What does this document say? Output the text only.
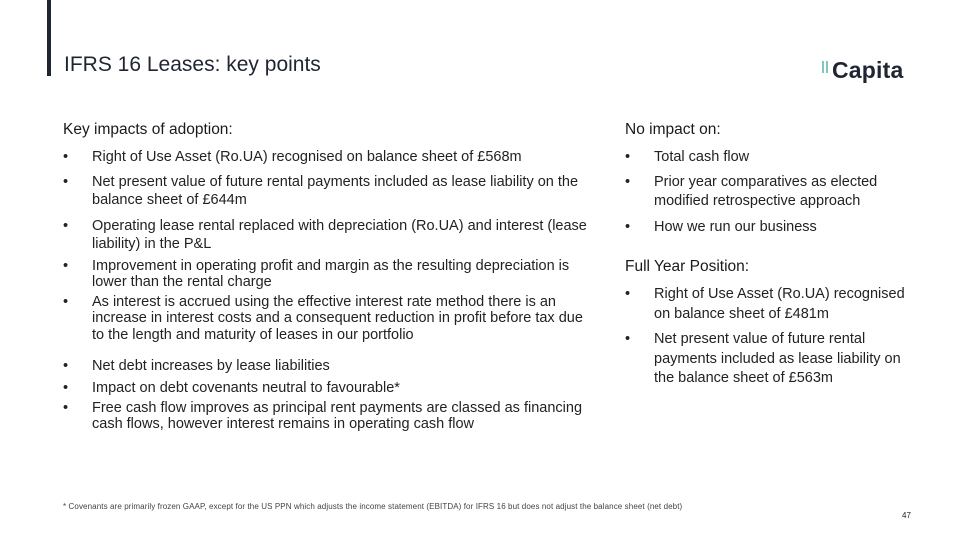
IFRS 16 Leases: key points	Capita
Key impacts of adoption:
•	Right of Use Asset (Ro.UA) recognised on balance sheet of £568m
•	Net present value of future rental payments included as lease liability on the balance sheet of £644m
•	Operating lease rental replaced with depreciation (Ro.UA) and interest (lease liability) in the P&L
•	Improvement in operating profit and margin as the resulting depreciation is lower than the rental charge
•	As interest is accrued using the effective interest rate method there is an increase in interest costs and a consequent reduction in profit before tax due to the length and maturity of leases in our portfolio
•	Net debt increases by lease liabilities
•	Impact on debt covenants neutral to favourable*
•	Free cash flow improves as principal rent payments are classed as financing cash flows, however interest remains in operating cash flow
No impact on:
•	Total cash flow
•	Prior year comparatives as elected modified retrospective approach
•	How we run our business
Full Year Position:
•	Right of Use Asset (Ro.UA) recognised on balance sheet of £481m
•	Net present value of future rental payments included as lease liability on the balance sheet of £563m
* Covenants are primarily frozen GAAP, except for the US PPN which adjusts the income statement (EBITDA) for IFRS 16 but does not adjust the balance sheet (net debt)
47
